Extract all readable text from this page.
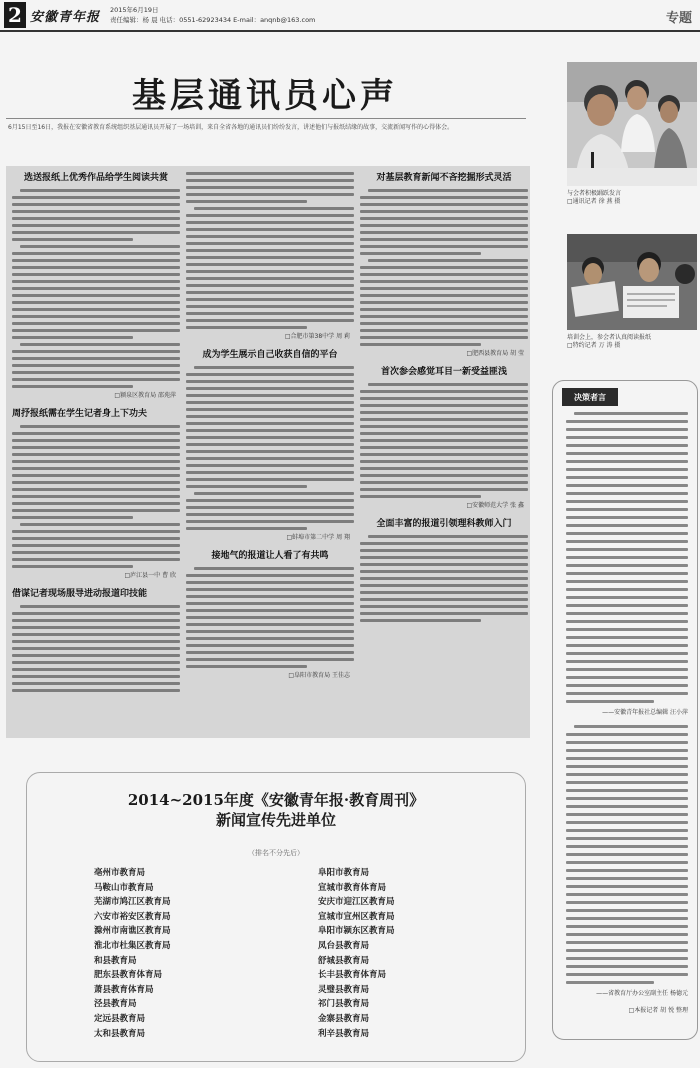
2 安徽青年报 2015年6月19日
责任编辑：杨 晨 电话：0551-62923434 E-mail：anqnb@163.com	专题
基层通讯员心声

6月15日至16日，我报在安徽省教育系统组织基层通讯员开展了一场培训，来自全省各地的通讯员们纷纷发言，讲述他们与报纸结缘的故事，交流新闻写作的心得体会。

选送报纸上优秀作品给学生阅读共赏
□颍泉区教育局 邵苑萍
周抒报纸需在学生记者身上下功夫
□庐江县一中 曹 欣
借谋记者现场服导进动报道印技能
□合肥市第38中学 周 莉
成为学生展示自己收获自信的平台
□蚌埠市第二中学 周 翔
接地气的报道让人看了有共鸣
□阜阳市教育局 王佳志
对基层教育新闻不吝挖掘形式灵活
□肥西县教育局 胡 莹
首次参会感觉耳目一新受益匪浅
□安徽师范大学 张 鑫
全面丰富的报道引领理科教师入门
与会者积极踊跃发言
□通讯记者 徐 燕 摄
培训会上，参会者认真阅读报纸
□特约记者 万 涛 摄
决策者言
——安徽青年报社总编辑 汪小萍
——省教育厅办公室副主任 杨德元
□本报记者 胡 悦 整理
2014~2015年度《安徽青年报·教育周刊》
新闻宣传先进单位
（排名不分先后）
亳州市教育局
马鞍山市教育局
芜湖市鸠江区教育局
六安市裕安区教育局
滁州市南谯区教育局
淮北市杜集区教育局
和县教育局
肥东县教育体育局
萧县教育体育局
泾县教育局
定远县教育局
太和县教育局
阜阳市教育局
宣城市教育体育局
安庆市迎江区教育局
宣城市宣州区教育局
阜阳市颍东区教育局
凤台县教育局
舒城县教育局
长丰县教育体育局
灵璧县教育局
祁门县教育局
金寨县教育局
利辛县教育局
